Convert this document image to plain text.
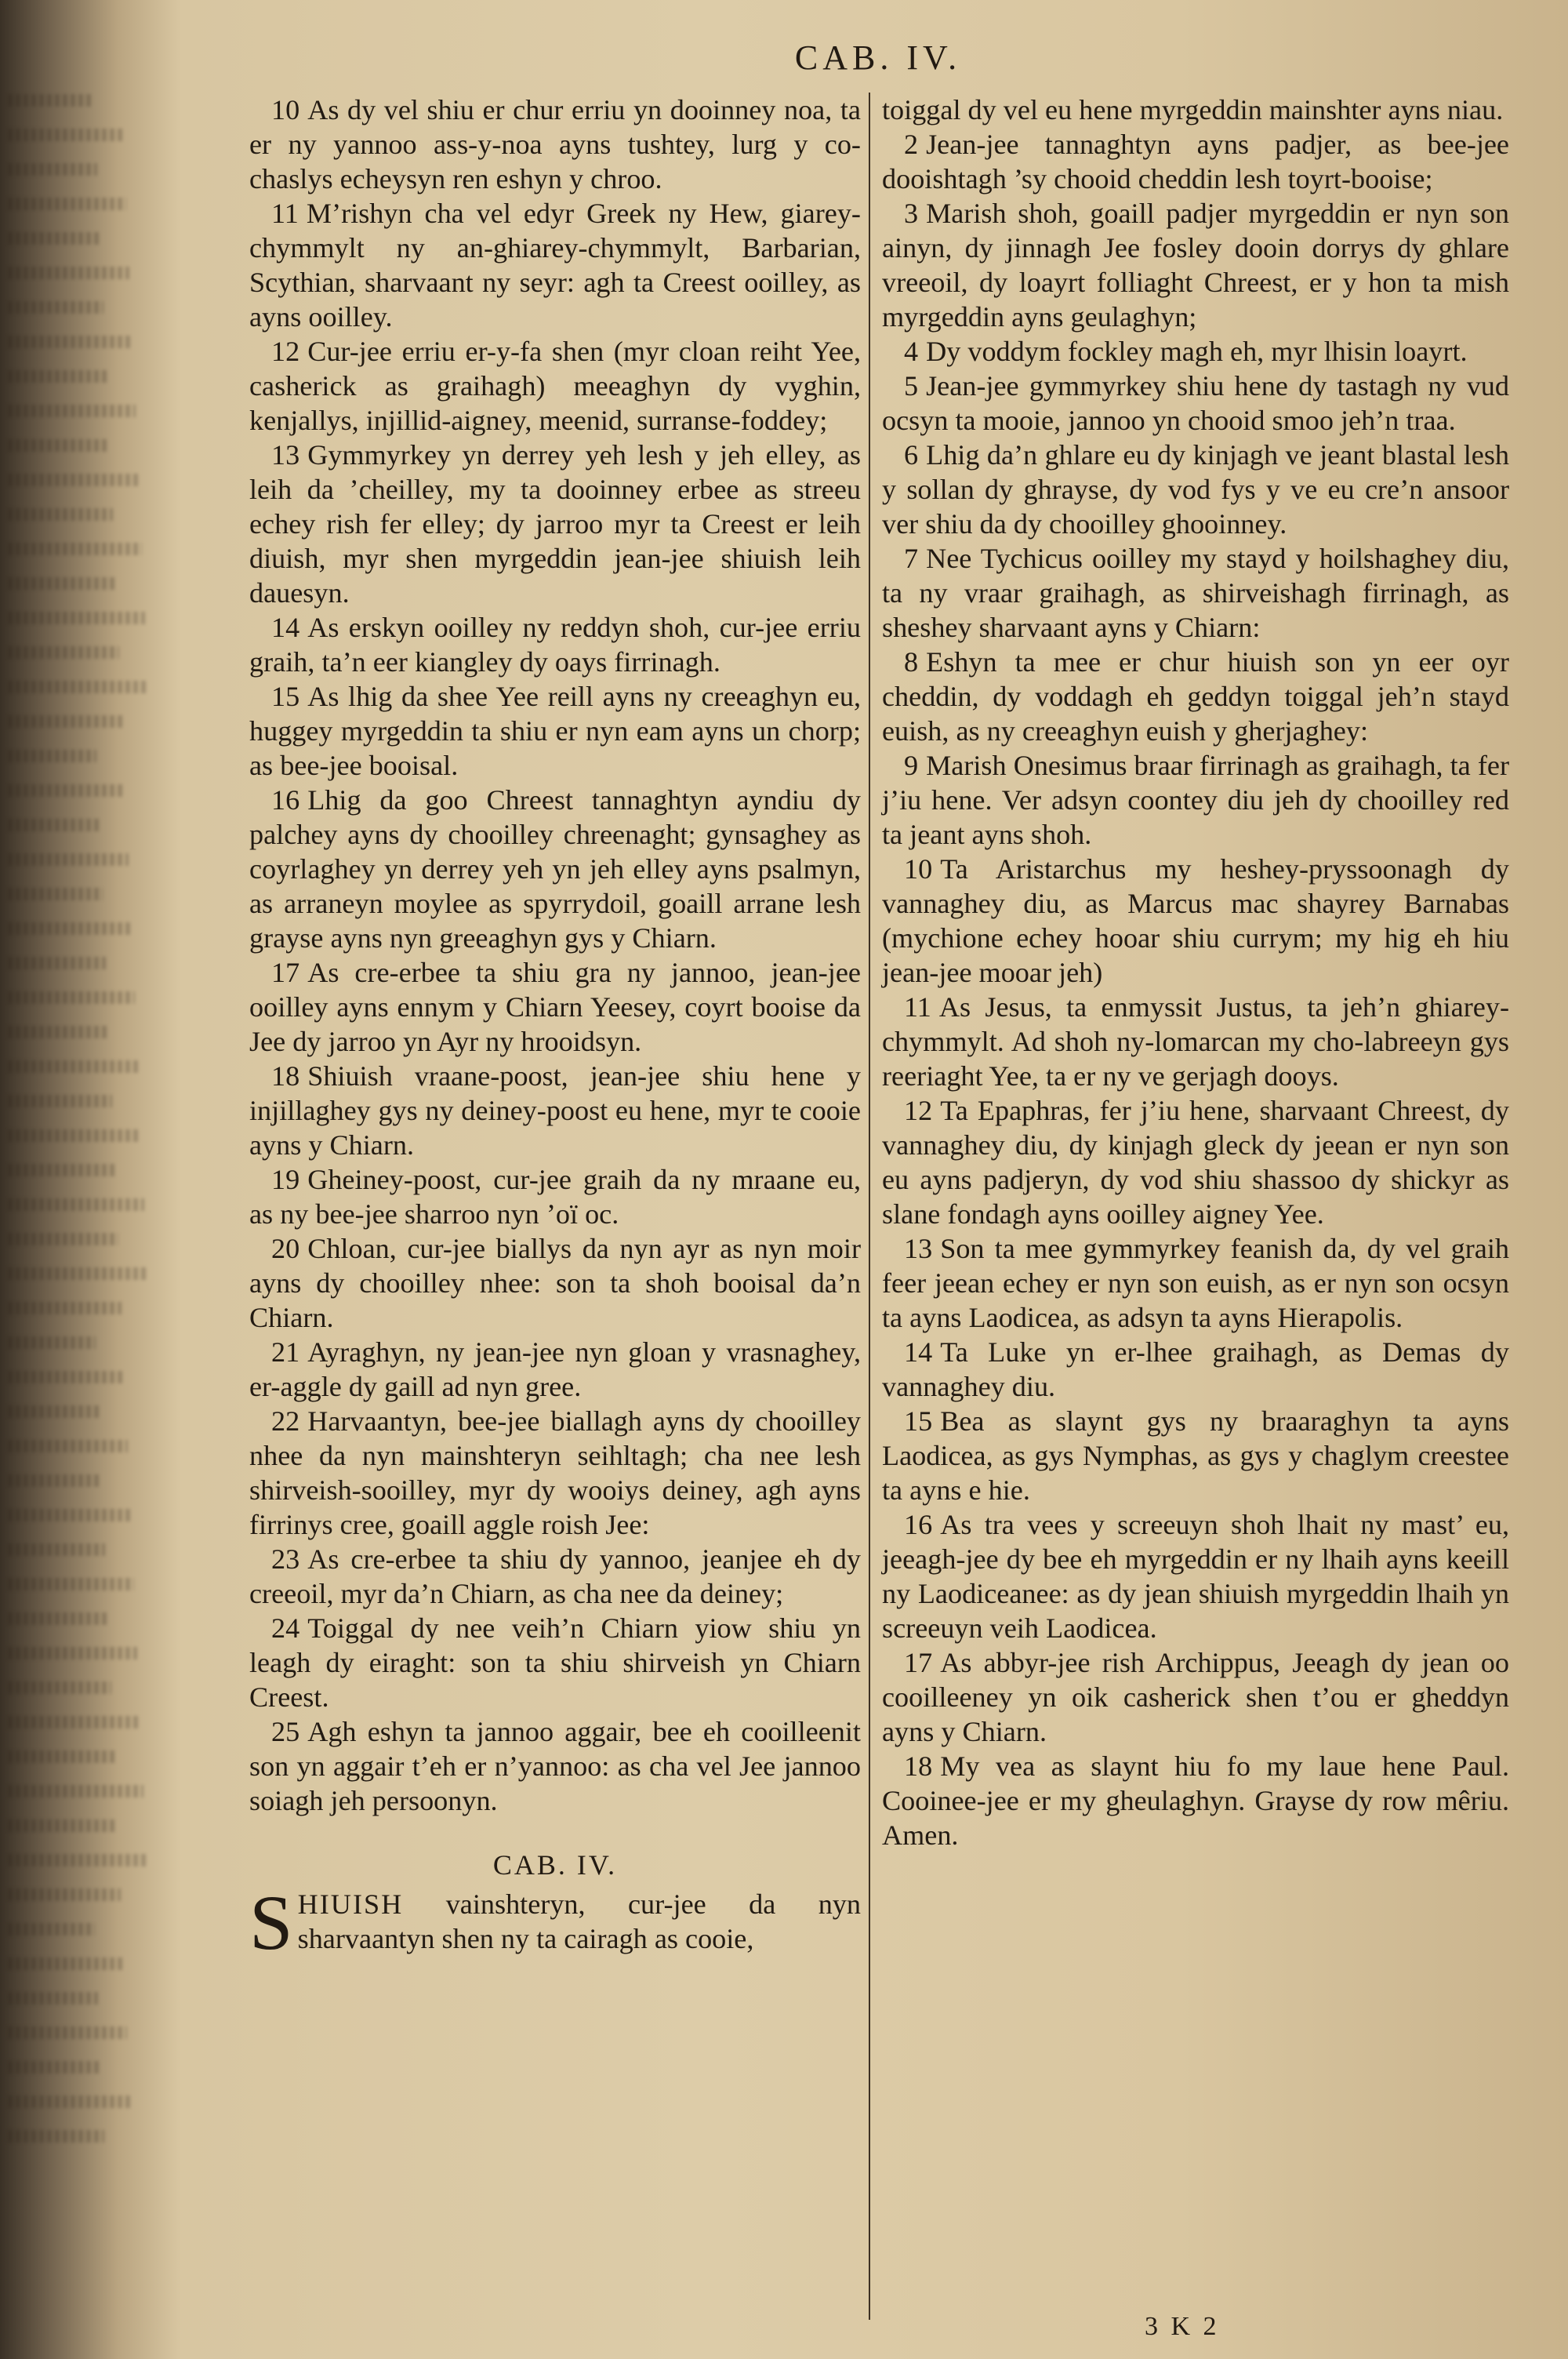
CAB. IV.

10 As dy vel shiu er chur erriu yn dooinney noa, ta er ny yannoo ass-y-noa ayns tushtey, lurg y co-chaslys echeysyn ren eshyn y chroo.

11 M’rishyn cha vel edyr Greek ny Hew, giarey-chymmylt ny an-ghiarey-chymmylt, Barbarian, Scythian, sharvaant ny seyr: agh ta Creest ooilley, as ayns ooilley.

12 Cur-jee erriu er-y-fa shen (myr cloan reiht Yee, casherick as graihagh) meeaghyn dy vyghin, kenjallys, injillid-aigney, meenid, surranse-foddey;

13 Gymmyrkey yn derrey yeh lesh y jeh elley, as leih da ’cheilley, my ta dooinney erbee as streeu echey rish fer elley; dy jarroo myr ta Creest er leih diuish, myr shen myrgeddin jean-jee shiuish leih dauesyn.

14 As erskyn ooilley ny reddyn shoh, cur-jee erriu graih, ta’n eer kiangley dy oays firrinagh.

15 As lhig da shee Yee reill ayns ny creeaghyn eu, huggey myrgeddin ta shiu er nyn eam ayns un chorp; as bee-jee booisal.

16 Lhig da goo Chreest tannaghtyn ayndiu dy palchey ayns dy chooilley chreenaght; gynsaghey as coyrlaghey yn derrey yeh yn jeh elley ayns psalmyn, as arraneyn moylee as spyrrydoil, goaill arrane lesh grayse ayns nyn greeaghyn gys y Chiarn.

17 As cre-erbee ta shiu gra ny jannoo, jean-jee ooilley ayns ennym y Chiarn Yeesey, coyrt booise da Jee dy jarroo yn Ayr ny hrooidsyn.

18 Shiuish vraane-poost, jean-jee shiu hene y injillaghey gys ny deiney-poost eu hene, myr te cooie ayns y Chiarn.

19 Gheiney-poost, cur-jee graih da ny mraane eu, as ny bee-jee sharroo nyn ’oï oc.

20 Chloan, cur-jee biallys da nyn ayr as nyn moir ayns dy chooilley nhee: son ta shoh booisal da’n Chiarn.

21 Ayraghyn, ny jean-jee nyn gloan y vrasnaghey, er-aggle dy gaill ad nyn gree.

22 Harvaantyn, bee-jee biallagh ayns dy chooilley nhee da nyn mainshteryn seihltagh; cha nee lesh shirveish-sooilley, myr dy wooiys deiney, agh ayns firrinys cree, goaill aggle roish Jee:

23 As cre-erbee ta shiu dy yannoo, jeanjee eh dy creeoil, myr da’n Chiarn, as cha nee da deiney;

24 Toiggal dy nee veih’n Chiarn yiow shiu yn leagh dy eiraght: son ta shiu shirveish yn Chiarn Creest.

25 Agh eshyn ta jannoo aggair, bee eh cooilleenit son yn aggair t’eh er n’yannoo: as cha vel Jee jannoo soiagh jeh persoonyn.

CAB. IV.

SHIUISH vainshteryn, cur-jee da nyn sharvaantyn shen ny ta cairagh as cooie,

toiggal dy vel eu hene myrgeddin mainshter ayns niau.

2 Jean-jee tannaghtyn ayns padjer, as bee-jee dooishtagh ’sy chooid cheddin lesh toyrt-booise;

3 Marish shoh, goaill padjer myrgeddin er nyn son ainyn, dy jinnagh Jee fosley dooin dorrys dy ghlare vreeoil, dy loayrt folliaght Chreest, er y hon ta mish myrgeddin ayns geulaghyn;

4 Dy voddym fockley magh eh, myr lhisin loayrt.

5 Jean-jee gymmyrkey shiu hene dy tastagh ny vud ocsyn ta mooie, jannoo yn chooid smoo jeh’n traa.

6 Lhig da’n ghlare eu dy kinjagh ve jeant blastal lesh y sollan dy ghrayse, dy vod fys y ve eu cre’n ansoor ver shiu da dy chooilley ghooinney.

7 Nee Tychicus ooilley my stayd y hoilshaghey diu, ta ny vraar graihagh, as shirveishagh firrinagh, as sheshey sharvaant ayns y Chiarn:

8 Eshyn ta mee er chur hiuish son yn eer oyr cheddin, dy voddagh eh geddyn toiggal jeh’n stayd euish, as ny creeaghyn euish y gherjaghey:

9 Marish Onesimus braar firrinagh as graihagh, ta fer j’iu hene. Ver adsyn coontey diu jeh dy chooilley red ta jeant ayns shoh.

10 Ta Aristarchus my heshey-pryssoonagh dy vannaghey diu, as Marcus mac shayrey Barnabas (mychione echey hooar shiu currym; my hig eh hiu jean-jee mooar jeh)

11 As Jesus, ta enmyssit Justus, ta jeh’n ghiarey-chymmylt. Ad shoh ny-lomarcan my cho-labreeyn gys reeriaght Yee, ta er ny ve gerjagh dooys.

12 Ta Epaphras, fer j’iu hene, sharvaant Chreest, dy vannaghey diu, dy kinjagh gleck dy jeean er nyn son eu ayns padjeryn, dy vod shiu shassoo dy shickyr as slane fondagh ayns ooilley aigney Yee.

13 Son ta mee gymmyrkey feanish da, dy vel graih feer jeean echey er nyn son euish, as er nyn son ocsyn ta ayns Laodicea, as adsyn ta ayns Hierapolis.

14 Ta Luke yn er-lhee graihagh, as Demas dy vannaghey diu.

15 Bea as slaynt gys ny braaraghyn ta ayns Laodicea, as gys Nymphas, as gys y chaglym creestee ta ayns e hie.

16 As tra vees y screeuyn shoh lhait ny mast’ eu, jeeagh-jee dy bee eh myrgeddin er ny lhaih ayns keeill ny Laodiceanee: as dy jean shiuish myrgeddin lhaih yn screeuyn veih Laodicea.

17 As abbyr-jee rish Archippus, Jeeagh dy jean oo cooilleeney yn oik casherick shen t’ou er gheddyn ayns y Chiarn.

18 My vea as slaynt hiu fo my laue hene Paul. Cooinee-jee er my gheulaghyn. Grayse dy row mêriu. Amen.

3 K 2
